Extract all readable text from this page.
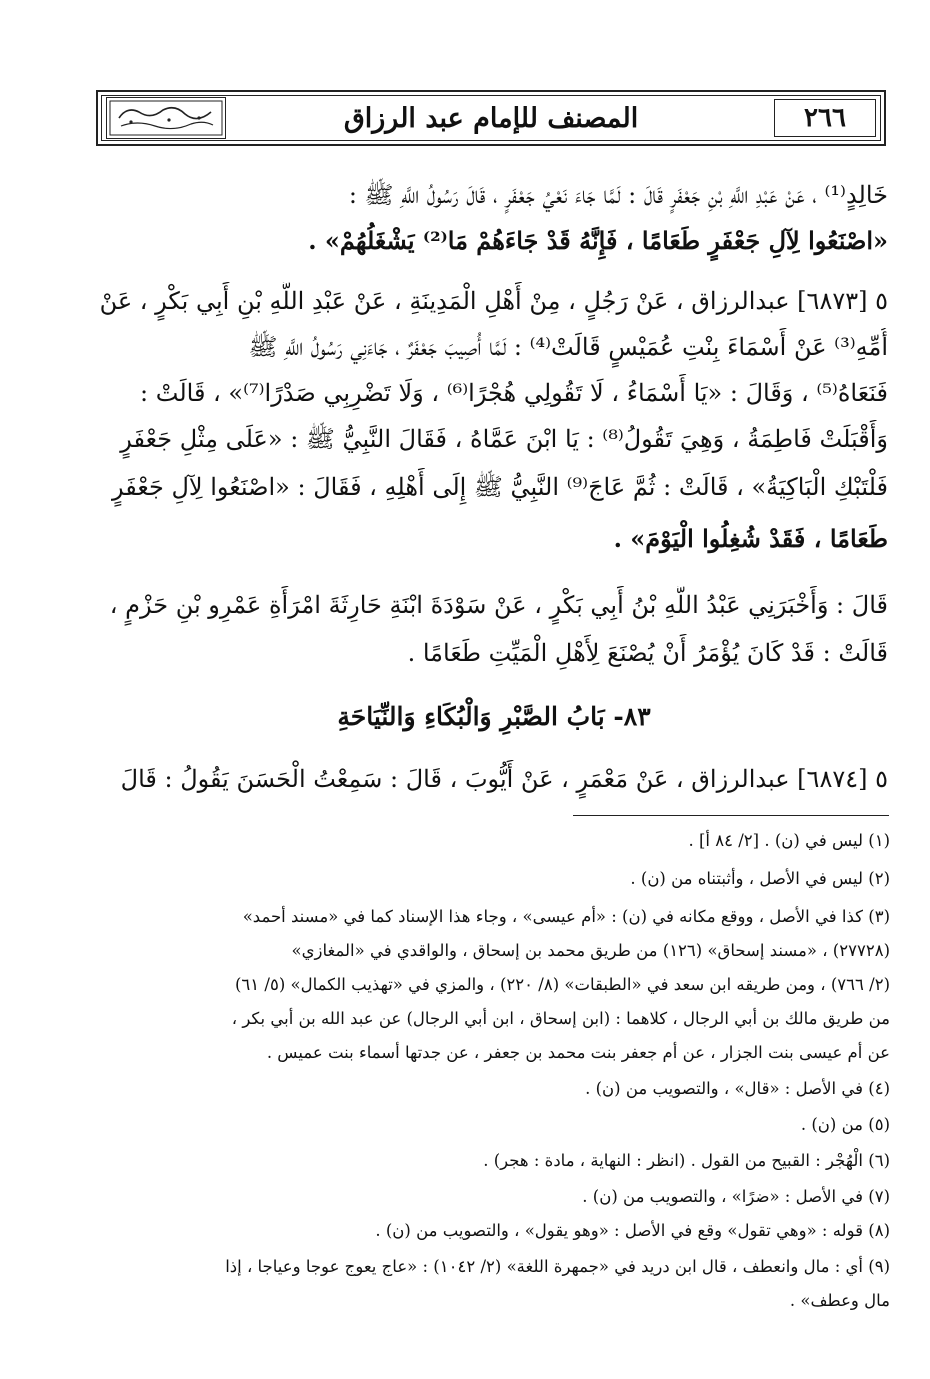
٢٦٦
المصنف للإمام عبد الرزاق
خَالِدٍ⁽¹⁾ ، عَنْ عَبْدِ اللَّهِ بْنِ جَعْفَرٍ قَالَ : لَمَّا جَاءَ نَعْيُ جَعْفَرٍ ، قَالَ رَسُولُ اللَّهِ ﷺ :
«اصْنَعُوا لِآلِ جَعْفَرٍ طَعَامًا ، فَإِنَّهُ قَدْ جَاءَهُمْ مَا⁽²⁾ يَشْغَلُهُمْ» .
٥ [٦٨٧٣] عبدالرزاق ، عَنْ رَجُلٍ ، مِنْ أَهْلِ الْمَدِينَةِ ، عَنْ عَبْدِ اللَّهِ بْنِ أَبِي بَكْرٍ ، عَنْ
أُمِّهِ⁽³⁾ عَنْ أَسْمَاءَ بِنْتِ عُمَيْسٍ قَالَتْ⁽⁴⁾ : لَمَّا أُصِيبَ جَعْفَرٌ ، جَاءَنِي رَسُولُ اللَّهِ ﷺ
فَنَعَاهُ⁽⁵⁾ ، وَقَالَ : «يَا أَسْمَاءُ ، لَا تَقُولِي هُجْرًا⁽⁶⁾ ، وَلَا تَضْرِبِي صَدْرًا⁽⁷⁾» ، قَالَتْ :
وَأَقْبَلَتْ فَاطِمَةُ ، وَهِيَ تَقُولُ⁽⁸⁾ : يَا ابْنَ عَمَّاهُ ، فَقَالَ النَّبِيُّ ﷺ : «عَلَى مِثْلِ جَعْفَرٍ
فَلْتَبْكِ الْبَاكِيَةُ» ، قَالَتْ : ثُمَّ عَاجَ⁽⁹⁾ النَّبِيُّ ﷺ إِلَى أَهْلِهِ ، فَقَالَ : «اصْنَعُوا لِآلِ جَعْفَرٍ
طَعَامًا ، فَقَدْ شُغِلُوا الْيَوْمَ» .
قَالَ : وَأَخْبَرَنِي عَبْدُ اللَّهِ بْنُ أَبِي بَكْرٍ ، عَنْ سَوْدَةَ ابْنَةِ حَارِثَةَ امْرَأَةِ عَمْرِو بْنِ حَزْمٍ ،
قَالَتْ : قَدْ كَانَ يُؤْمَرُ أَنْ يُصْنَعَ لِأَهْلِ الْمَيِّتِ طَعَامًا .
٨٣- بَابُ الصَّبْرِ وَالْبُكَاءِ وَالنِّيَاحَةِ
٥ [٦٨٧٤] عبدالرزاق ، عَنْ مَعْمَرٍ ، عَنْ أَيُّوبَ ، قَالَ : سَمِعْتُ الْحَسَنَ يَقُولُ : قَالَ
(١) ليس في (ن) . [٢/ ٨٤ أ] .
(٢) ليس في الأصل ، وأثبتناه من (ن) .
(٣) كذا في الأصل ، ووقع مكانه في (ن) : «أم عيسى» ، وجاء هذا الإسناد كما في «مسند أحمد»
(٢٧٧٢٨) ، «مسند إسحاق» (١٢٦) من طريق محمد بن إسحاق ، والواقدي في «المغازي»
(٢/ ٧٦٦) ، ومن طريقه ابن سعد في «الطبقات» (٨/ ٢٢٠) ، والمزي في «تهذيب الكمال» (٥/ ٦١)
من طريق مالك بن أبي الرجال ، كلاهما : (ابن إسحاق ، ابن أبي الرجال) عن عبد الله بن أبي بكر ،
عن أم عيسى بنت الجزار ، عن أم جعفر بنت محمد بن جعفر ، عن جدتها أسماء بنت عميس .
(٤) في الأصل : «قال» ، والتصويب من (ن) .
(٥) من (ن) .
(٦) الْهُجْر : القبيح من القول . (انظر : النهاية ، مادة : هجر) .
(٧) في الأصل : «ضرًا» ، والتصويب من (ن) .
(٨) قوله : «وهي تقول» وقع في الأصل : «وهو يقول» ، والتصويب من (ن) .
(٩) أي : مال وانعطف ، قال ابن دريد في «جمهرة اللغة» (٢/ ١٠٤٢) : «عاج يعوج عوجا وعياجا ، إذا
مال وعطف» .
